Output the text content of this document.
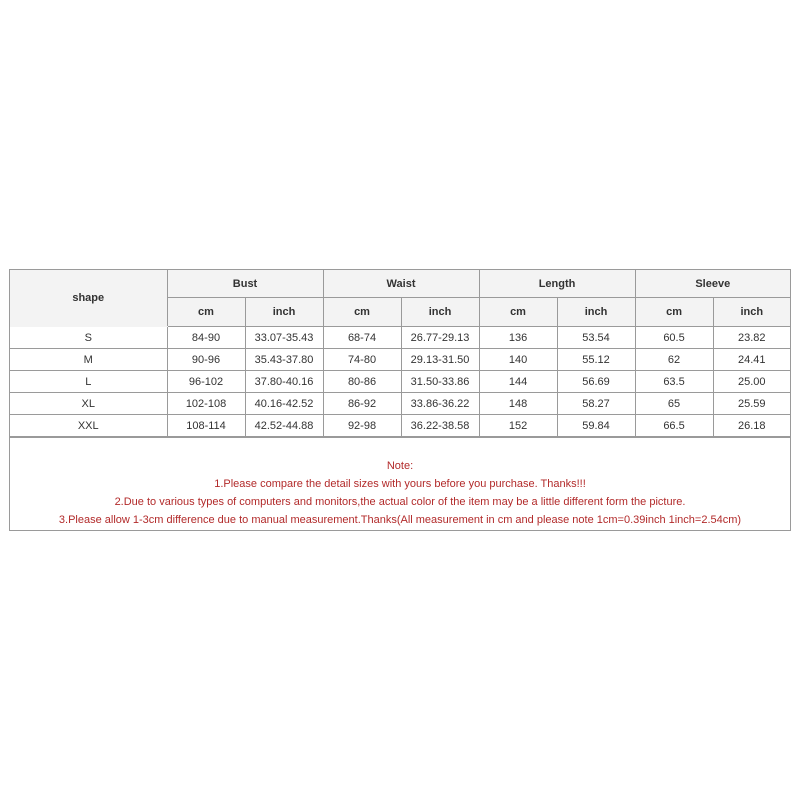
shape	Bust		Waist		Length		Sleeve	
	cm	inch	cm	inch	cm	inch	cm	inch
S	84-90	33.07-35.43	68-74	26.77-29.13	136	53.54	60.5	23.82
M	90-96	35.43-37.80	74-80	29.13-31.50	140	55.12	62	24.41
L	96-102	37.80-40.16	80-86	31.50-33.86	144	56.69	63.5	25.00
XL	102-108	40.16-42.52	86-92	33.86-36.22	148	58.27	65	25.59
XXL	108-114	42.52-44.88	92-98	36.22-38.58	152	59.84	66.5	26.18
Note:
1.Please compare the detail sizes with yours before you purchase. Thanks!!!
2.Due to various types of computers and monitors,the actual color of the item may be a little different form the picture.
3.Please allow 1-3cm difference due to manual measurement.Thanks(All measurement in cm and please note 1cm=0.39inch 1inch=2.54cm)
